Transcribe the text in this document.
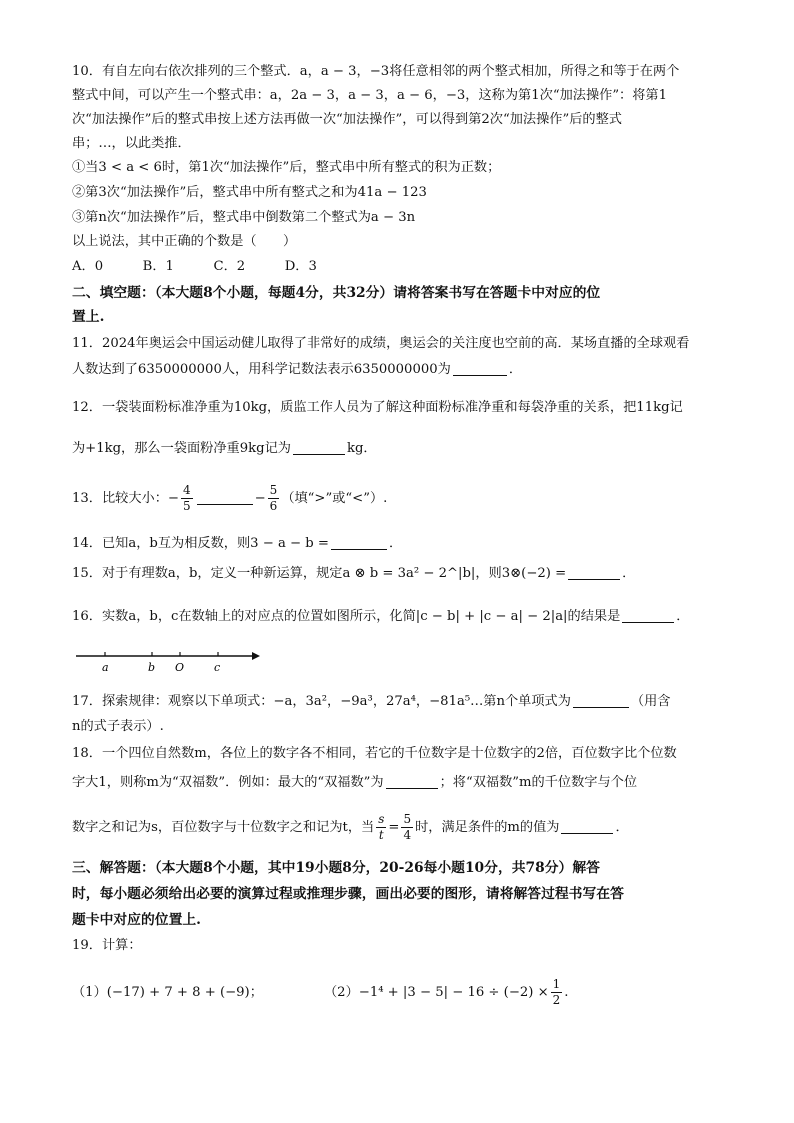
10．有自左向右依次排列的三个整式．a，a − 3，−3将任意相邻的两个整式相加，所得之和等于在两个
整式中间，可以产生一个整式串：a，2a − 3，a − 3，a − 6，−3，这称为第1次“加法操作”：将第1
次“加法操作”后的整式串按上述方法再做一次“加法操作”，可以得到第2次“加法操作”后的整式
串；…，以此类推．
①当3 < a < 6时，第1次“加法操作”后，整式串中所有整式的积为正数；
②第3次“加法操作”后，整式串中所有整式之和为41a − 123
③第n次“加法操作”后，整式串中倒数第二个整式为a − 3n
以上说法，其中正确的个数是（　　）
A．0　　　B．1　　　C．2　　　D．3
二、填空题：（本大题8个小题，每题4分，共32分）请将答案书写在答题卡中对应的位
置上.
11．2024年奥运会中国运动健儿取得了非常好的成绩，奥运会的关注度也空前的高．某场直播的全球观看
人数达到了6350000000人，用科学记数法表示6350000000为	．
12．一袋装面粉标准净重为10kg，质监工作人员为了解这种面粉标准净重和每袋净重的关系，把11kg记
为+1kg，那么一袋面粉净重9kg记为	kg．
13．比较大小：− $\frac{4}{5}$	− $\frac{5}{6}$ （填“>”或“<”）.
14．已知a，b互为相反数，则3 − a − b =	．
15．对于有理数a，b，定义一种新运算，规定a ⊗ b = 3a² − 2^|b|，则3⊗(−2) =	．
16．实数a，b，c在数轴上的对应点的位置如图所示，化简|c − b| + |c − a| − 2|a|的结果是	．
a	b O	c
17．探索规律：观察以下单项式：−a，3a²，−9a³，27a⁴，−81a⁵…第n个单项式为	（用含
n的式子表示）.
18．一个四位自然数m，各位上的数字各不相同，若它的千位数字是十位数字的2倍，百位数字比个位数
字大1，则称m为“双福数”．例如：最大的“双福数”为	；将“双福数”m的千位数字与个位
数字之和记为s，百位数字与十位数字之和记为t，当 $\frac{s}{t} = \frac{5}{4}$ 时，满足条件的m的值为	．
三、解答题：（本大题8个小题，其中19小题8分，20-26每小题10分，共78分）解答
时，每小题必须给出必要的演算过程或推理步骤，画出必要的图形，请将解答过程书写在答
题卡中对应的位置上.
19．计算：
（1）(−17) + 7 + 8 + (−9)；	$(2)-1^4 + |3 - 5| - 16 \div (-2) \times \frac{1}{2}$ .
